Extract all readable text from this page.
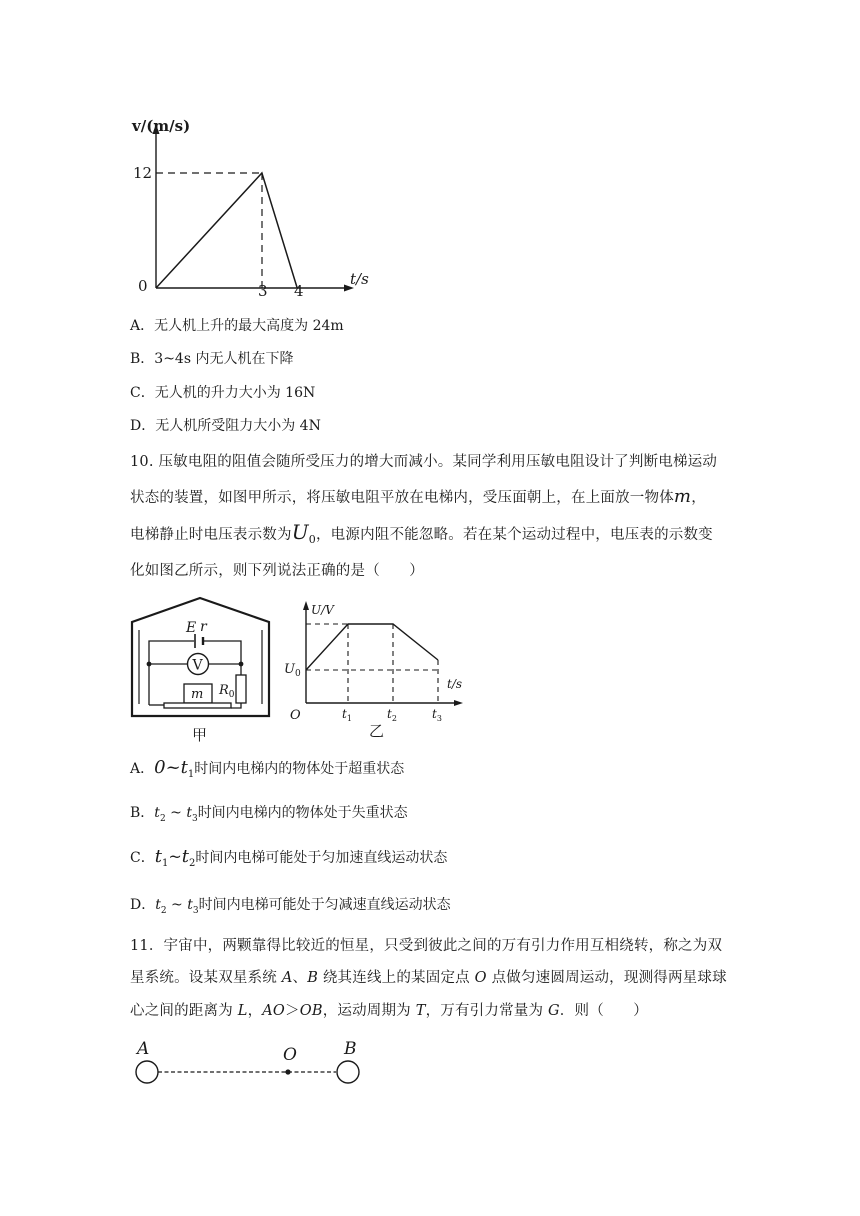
v/(m/s)
12
0	3 4
t/s
A．无人机上升的最大高度为 24m
B．3~4s 内无人机在下降
C．无人机的升力大小为 16N
D．无人机所受阻力大小为 4N
10. 压敏电阻的阻值会随所受压力的增大而减小。某同学利用压敏电阻设计了判断电梯运动
状态的装置，如图甲所示，将压敏电阻平放在电梯内，受压面朝上，在上面放一物体m，
电梯静止时电压表示数为$U_0$，电源内阻不能忽略。若在某个运动过程中，电压表的示数变
化如图乙所示，则下列说法正确的是（　　）
E r
V
$R_0$
m
甲
U/V
$U_0$
O	$t_1$	$t_2$	$t_3$
t/s
乙
A．$0\sim t_1$时间内电梯内的物体处于超重状态
B．$t_2$ ~ $t_3$时间内电梯内的物体处于失重状态
C．$t_1\sim t_2$时间内电梯可能处于匀加速直线运动状态
D．$t_2$ ~ $t_3$时间内电梯可能处于匀减速直线运动状态
11．宇宙中，两颗靠得比较近的恒星，只受到彼此之间的万有引力作用互相绕转，称之为双
星系统。设某双星系统 A、B 绕其连线上的某固定点 O 点做匀速圆周运动，现测得两星球球
心之间的距离为 L，AO＞OB，运动周期为 T，万有引力常量为 G．则（　　）
A	O	B
